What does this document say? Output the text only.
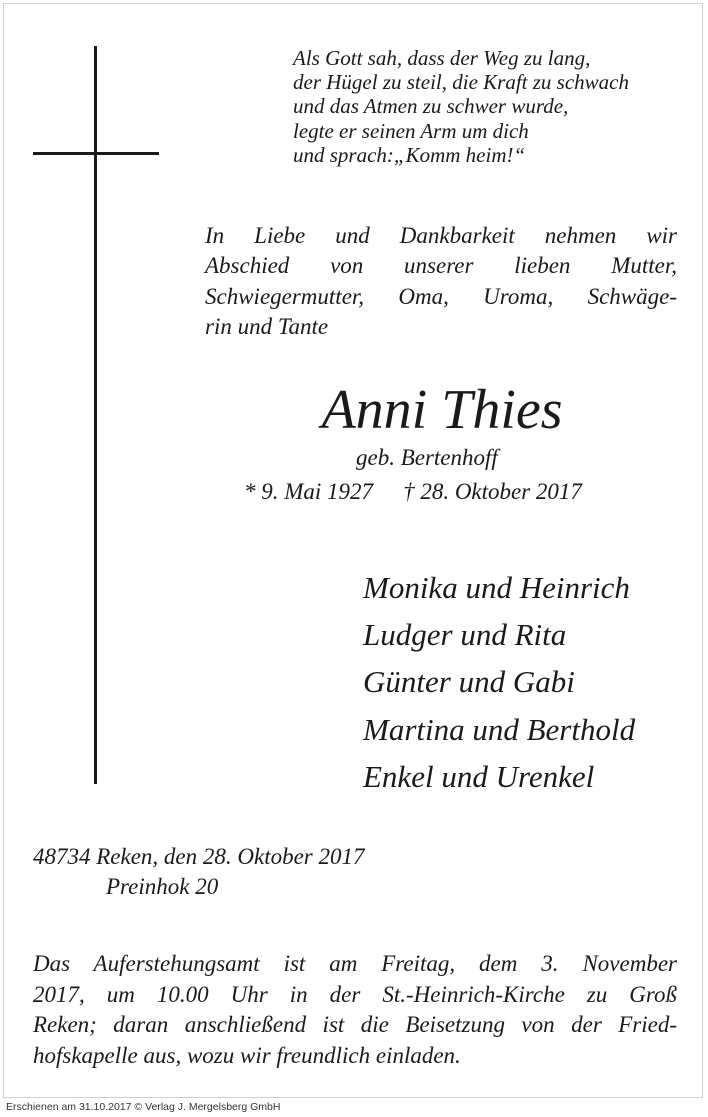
Als Gott sah, dass der Weg zu lang,
der Hügel zu steil, die Kraft zu schwach
und das Atmen zu schwer wurde,
legte er seinen Arm um dich
und sprach:„Komm heim!“
In Liebe und Dankbarkeit nehmen wir
Abschied von unserer lieben Mutter,
Schwiegermutter, Oma, Uroma, Schwäge-
rin und Tante
Anni Thies
geb. Bertenhoff
* 9. Mai 1927 † 28. Oktober 2017
Monika und Heinrich
Ludger und Rita
Günter und Gabi
Martina und Berthold
Enkel und Urenkel
48734 Reken, den 28. Oktober 2017
Preinhok 20
Das Auferstehungsamt ist am Freitag, dem 3. November
2017, um 10.00 Uhr in der St.-Heinrich-Kirche zu Groß
Reken; daran anschließend ist die Beisetzung von der Fried-
hofskapelle aus, wozu wir freundlich einladen.
Erschienen am 31.10.2017 © Verlag J. Mergelsberg GmbH
